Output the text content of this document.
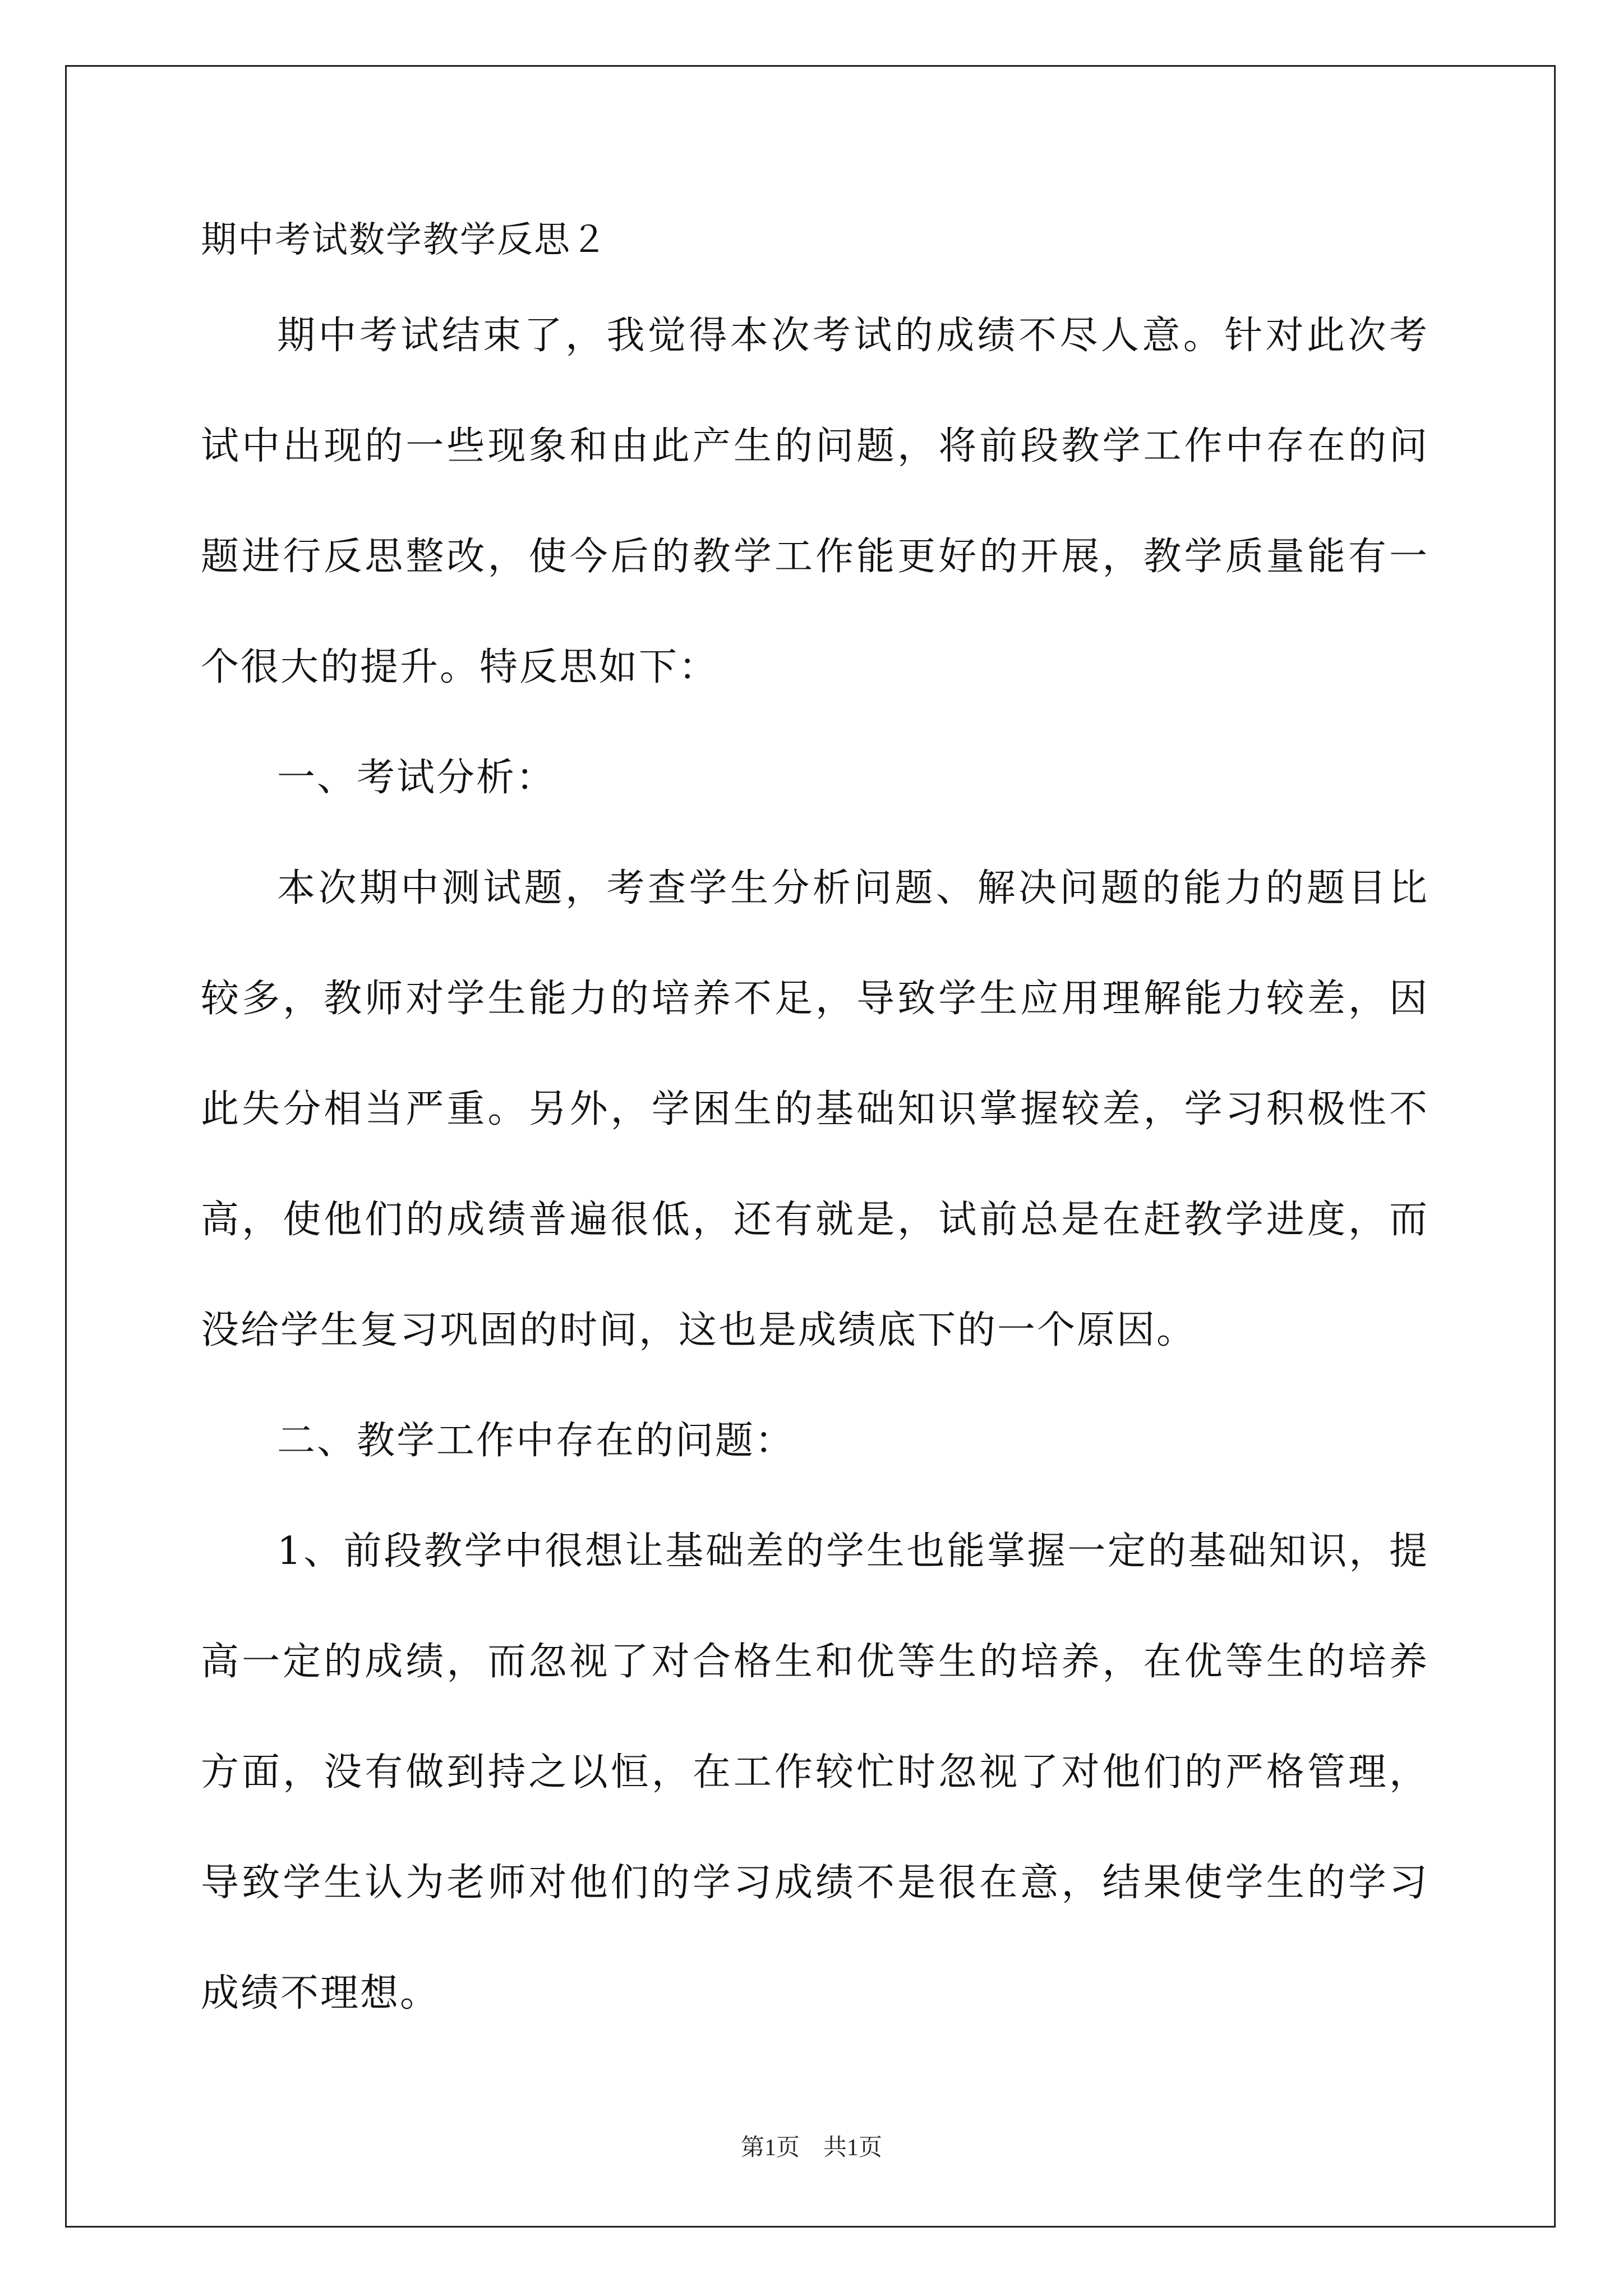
期中考试数学教学反思２

期中考试结束了，我觉得本次考试的成绩不尽人意。针对此次考试中出现的一些现象和由此产生的问题，将前段教学工作中存在的问题进行反思整改，使今后的教学工作能更好的开展，教学质量能有一个很大的提升。特反思如下：

一、考试分析：

本次期中测试题，考查学生分析问题、解决问题的能力的题目比较多，教师对学生能力的培养不足，导致学生应用理解能力较差，因此失分相当严重。另外，学困生的基础知识掌握较差，学习积极性不高，使他们的成绩普遍很低，还有就是，试前总是在赶教学进度，而没给学生复习巩固的时间，这也是成绩底下的一个原因。

二、教学工作中存在的问题：

1、前段教学中很想让基础差的学生也能掌握一定的基础知识，提高一定的成绩，而忽视了对合格生和优等生的培养，在优等生的培养方面，没有做到持之以恒，在工作较忙时忽视了对他们的严格管理，导致学生认为老师对他们的学习成绩不是很在意，结果使学生的学习成绩不理想。

第1页 共1页
